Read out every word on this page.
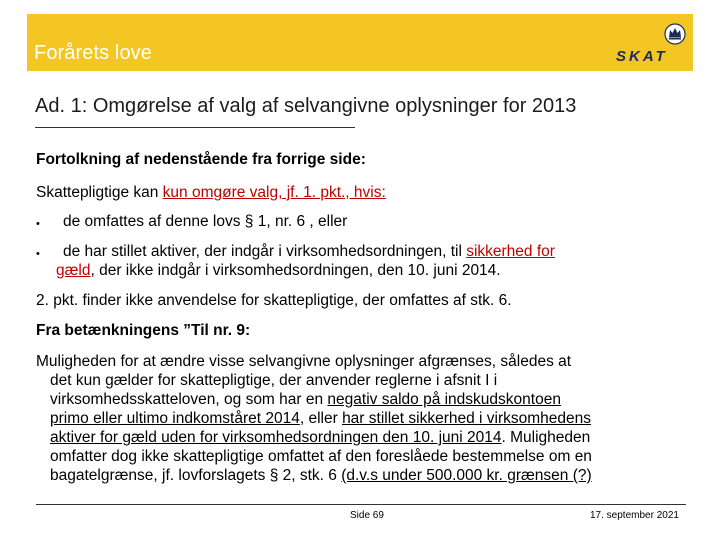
Forårets love	SKAT
Ad. 1: Omgørelse af valg af selvangivne oplysninger for 2013
Fortolkning af nedenstående fra forrige side:
Skattepligtige kan kun omgøre valg, jf. 1. pkt., hvis:
• de omfattes af denne lovs § 1, nr. 6 , eller
• de har stillet aktiver, der indgår i virksomhedsordningen, til sikkerhed for
gæld, der ikke indgår i virksomhedsordningen, den 10. juni 2014.
2. pkt. finder ikke anvendelse for skattepligtige, der omfattes af stk. 6.
Fra betænkningens ”Til nr. 9:
Muligheden for at ændre visse selvangivne oplysninger afgrænses, således at
det kun gælder for skattepligtige, der anvender reglerne i afsnit I i
virksomhedsskatteloven, og som har en negativ saldo på indskudskontoen
primo eller ultimo indkomståret 2014, eller har stillet sikkerhed i virksomhedens
aktiver for gæld uden for virksomhedsordningen den 10. juni 2014. Muligheden
omfatter dog ikke skattepligtige omfattet af den foreslåede bestemmelse om en
bagatelgrænse, jf. lovforslagets § 2, stk. 6 (d.v.s under 500.000 kr. grænsen (?)
Side 69	17. september 2021
